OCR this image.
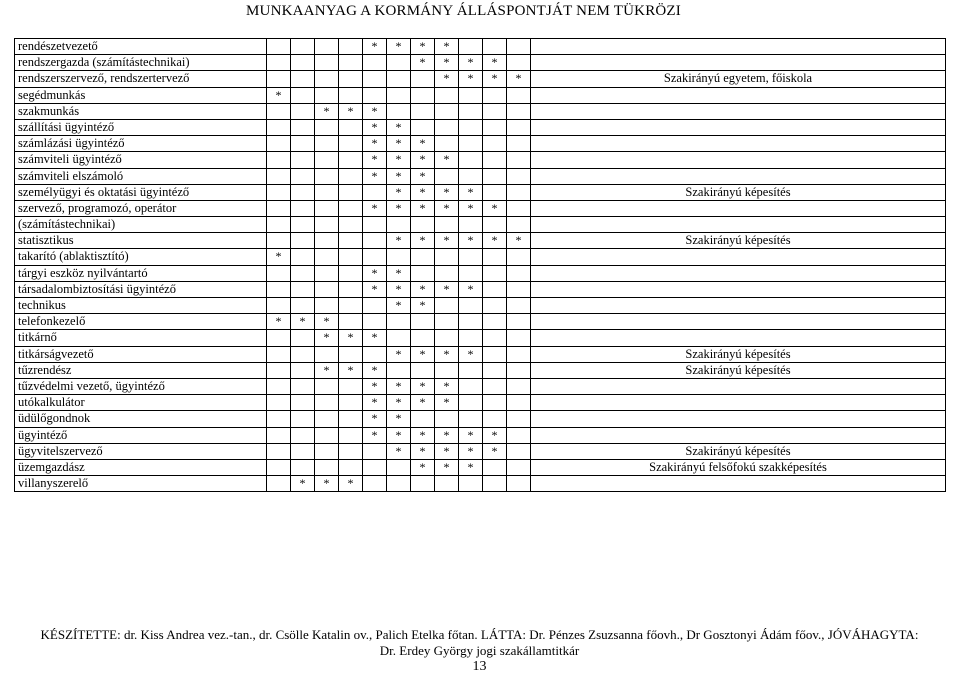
MUNKAANYAG A KORMÁNY ÁLLÁSPONTJÁT NEM TÜKRÖZI
rendészetvezető					*	*	*	*				
rendszergazda (számítástechnikai)							*	*	*	*		
rendszerszervező, rendszertervező								*	*	*	*	Szakirányú egyetem, főiskola
segédmunkás	*											
szakmunkás			*	*	*							
szállítási ügyintéző					*	*						
számlázási ügyintéző					*	*	*					
számviteli ügyintéző					*	*	*	*				
számviteli elszámoló					*	*	*					
személyügyi és oktatási ügyintéző						*	*	*	*			Szakirányú képesítés
szervező, programozó, operátor					*	*	*	*	*	*		
(számítástechnikai)												
statisztikus						*	*	*	*	*	*	Szakirányú képesítés
takarító (ablaktisztító)	*											
tárgyi eszköz nyilvántartó					*	*						
társadalombiztosítási ügyintéző					*	*	*	*	*			
technikus						*	*					
telefonkezelő	*	*	*									
titkárnő			*	*	*							
titkárságvezető						*	*	*	*			Szakirányú képesítés
tűzrendész			*	*	*							Szakirányú képesítés
tűzvédelmi vezető, ügyintéző					*	*	*	*				
utókalkulátor					*	*	*	*				
üdülőgondnok					*	*						
ügyintéző					*	*	*	*	*	*		
ügyvitelszervező						*	*	*	*	*		Szakirányú képesítés
üzemgazdász							*	*	*			Szakirányú felsőfokú szakképesítés
villanyszerelő		*	*	*								
KÉSZÍTETTE: dr. Kiss Andrea vez.-tan., dr. Csölle Katalin ov., Palich Etelka főtan. LÁTTA: Dr. Pénzes Zsuzsanna főovh., Dr Gosztonyi Ádám főov., JÓVÁHAGYTA:
Dr. Erdey György jogi szakállamtitkár
13
